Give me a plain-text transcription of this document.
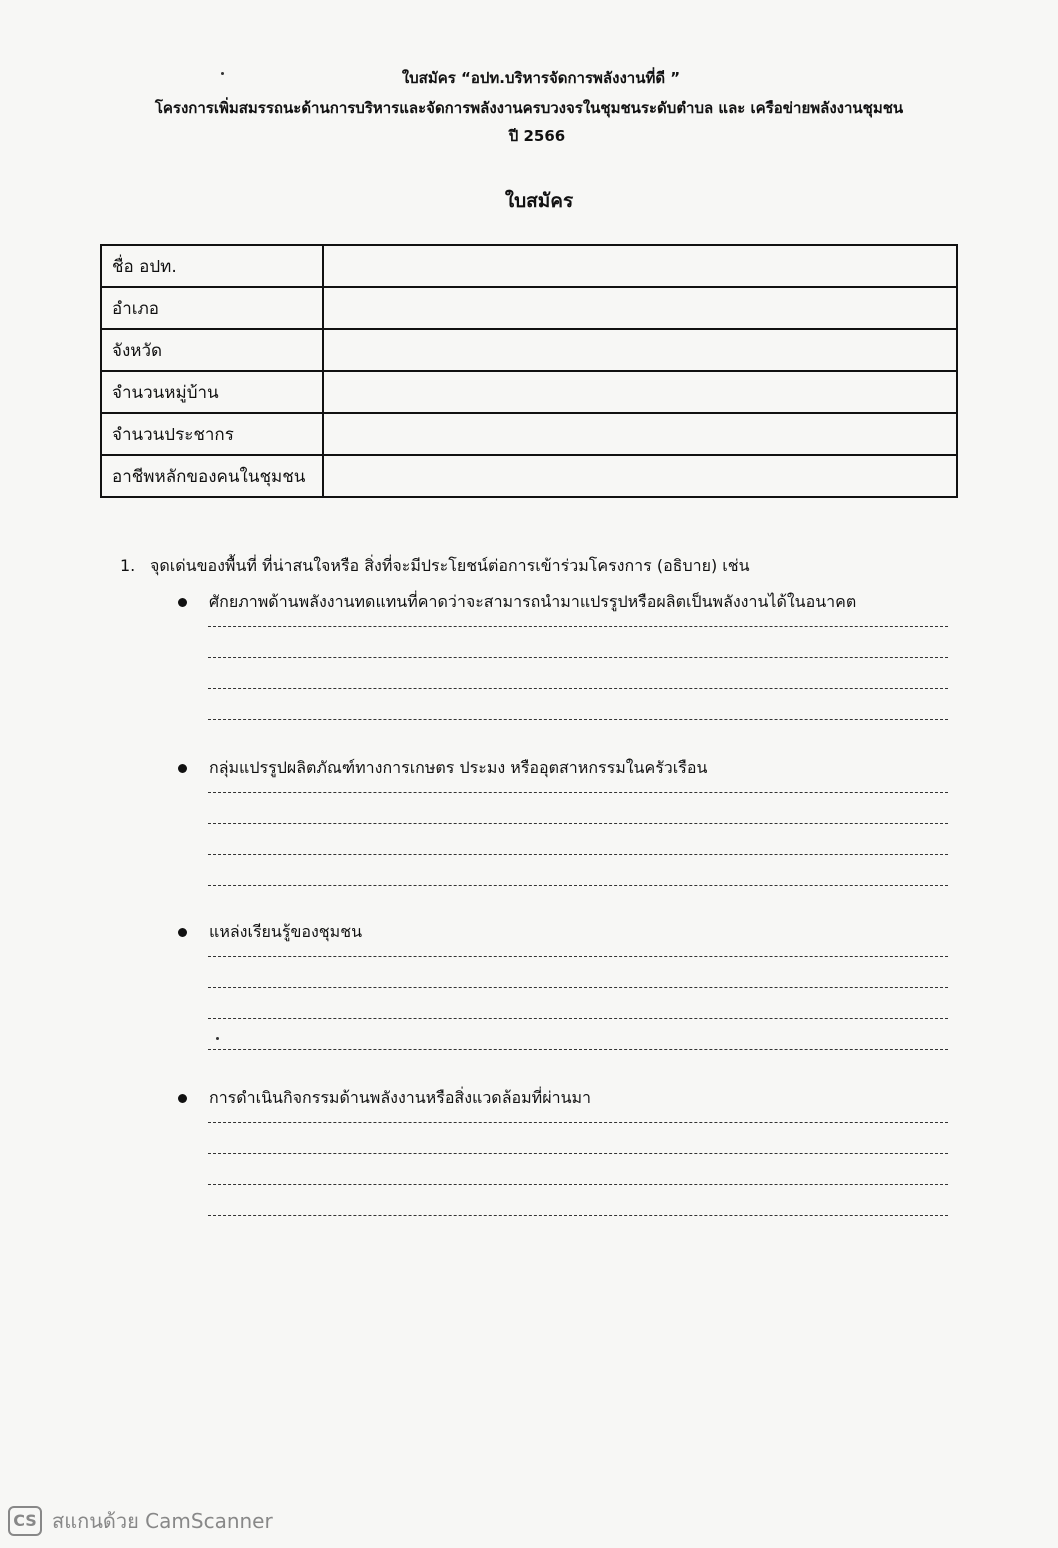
ใบสมัคร “อปท.บริหารจัดการพลังงานที่ดี ”
โครงการเพิ่มสมรรถนะด้านการบริหารและจัดการพลังงานครบวงจรในชุมชนระดับตำบล และ เครือข่ายพลังงานชุมชน
ปี 2566
ใบสมัคร
ชื่อ อปท.	
อำเภอ	
จังหวัด	
จำนวนหมู่บ้าน	
จำนวนประชากร	
อาชีพหลักของคนในชุมชน	
1. จุดเด่นของพื้นที่ ที่น่าสนใจหรือ สิ่งที่จะมีประโยชน์ต่อการเข้าร่วมโครงการ (อธิบาย) เช่น
ศักยภาพด้านพลังงานทดแทนที่คาดว่าจะสามารถนำมาแปรรูปหรือผลิตเป็นพลังงานได้ในอนาคต
กลุ่มแปรรูปผลิตภัณฑ์ทางการเกษตร ประมง หรืออุตสาหกรรมในครัวเรือน
แหล่งเรียนรู้ของชุมชน
การดำเนินกิจกรรมด้านพลังงานหรือสิ่งแวดล้อมที่ผ่านมา
CS สแกนด้วย CamScanner
